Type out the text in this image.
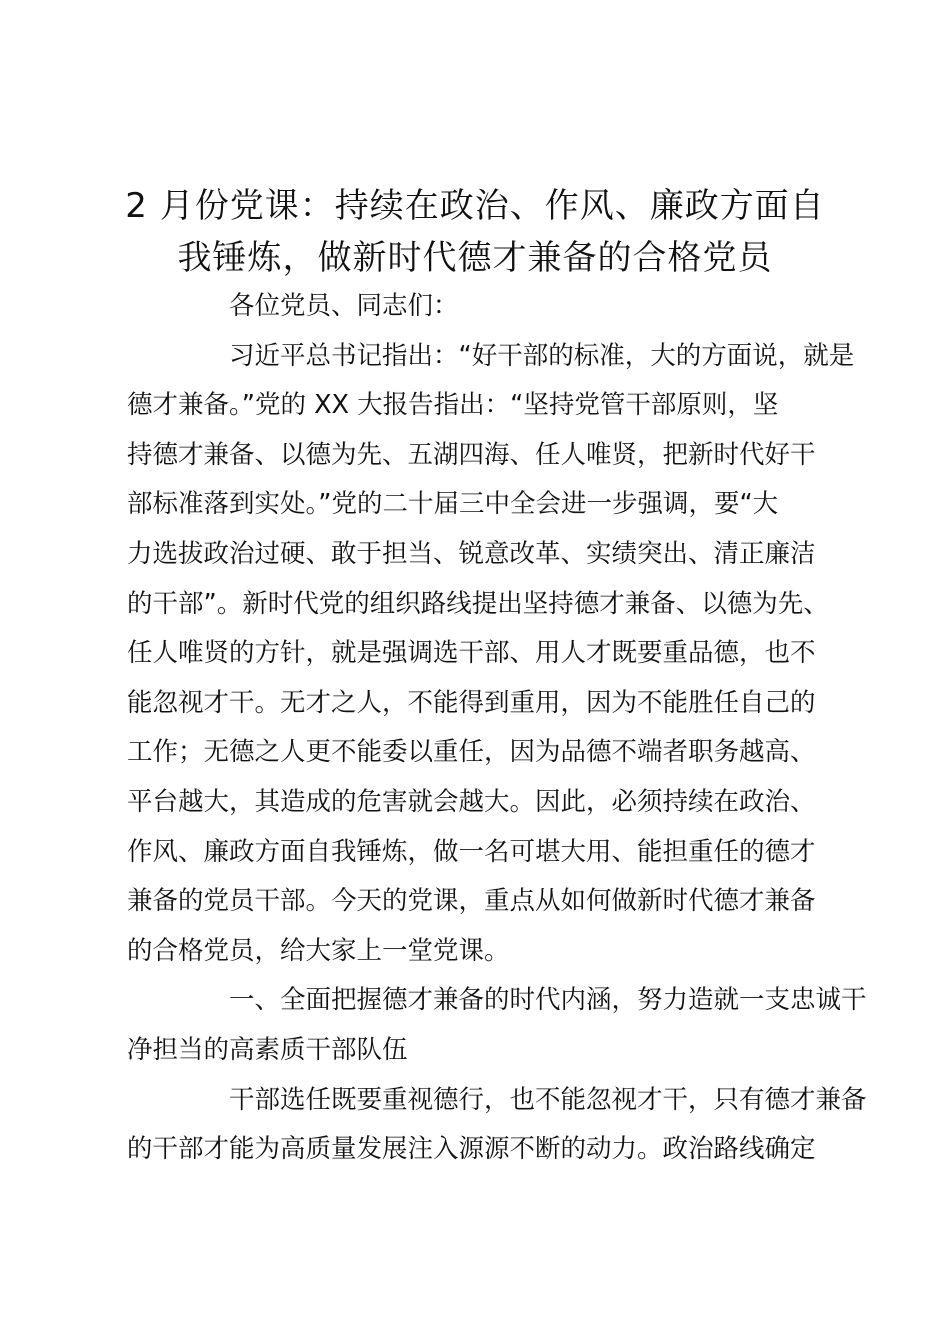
2 月份党课：持续在政治、作风、廉政方面自
我锤炼，做新时代德才兼备的合格党员
各位党员、同志们：
习近平总书记指出：“好干部的标准，大的方面说，就是
德才兼备。”党的 XX 大报告指出：“坚持党管干部原则，坚
持德才兼备、以德为先、五湖四海、任人唯贤，把新时代好干
部标准落到实处。”党的二十届三中全会进一步强调，要“大
力选拔政治过硬、敢于担当、锐意改革、实绩突出、清正廉洁
的干部”。新时代党的组织路线提出坚持德才兼备、以德为先、
任人唯贤的方针，就是强调选干部、用人才既要重品德，也不
能忽视才干。无才之人，不能得到重用，因为不能胜任自己的
工作；无德之人更不能委以重任，因为品德不端者职务越高、
平台越大，其造成的危害就会越大。因此，必须持续在政治、
作风、廉政方面自我锤炼，做一名可堪大用、能担重任的德才
兼备的党员干部。今天的党课，重点从如何做新时代德才兼备
的合格党员，给大家上一堂党课。
一、全面把握德才兼备的时代内涵，努力造就一支忠诚干
净担当的高素质干部队伍
干部选任既要重视德行，也不能忽视才干，只有德才兼备
的干部才能为高质量发展注入源源不断的动力。政治路线确定
